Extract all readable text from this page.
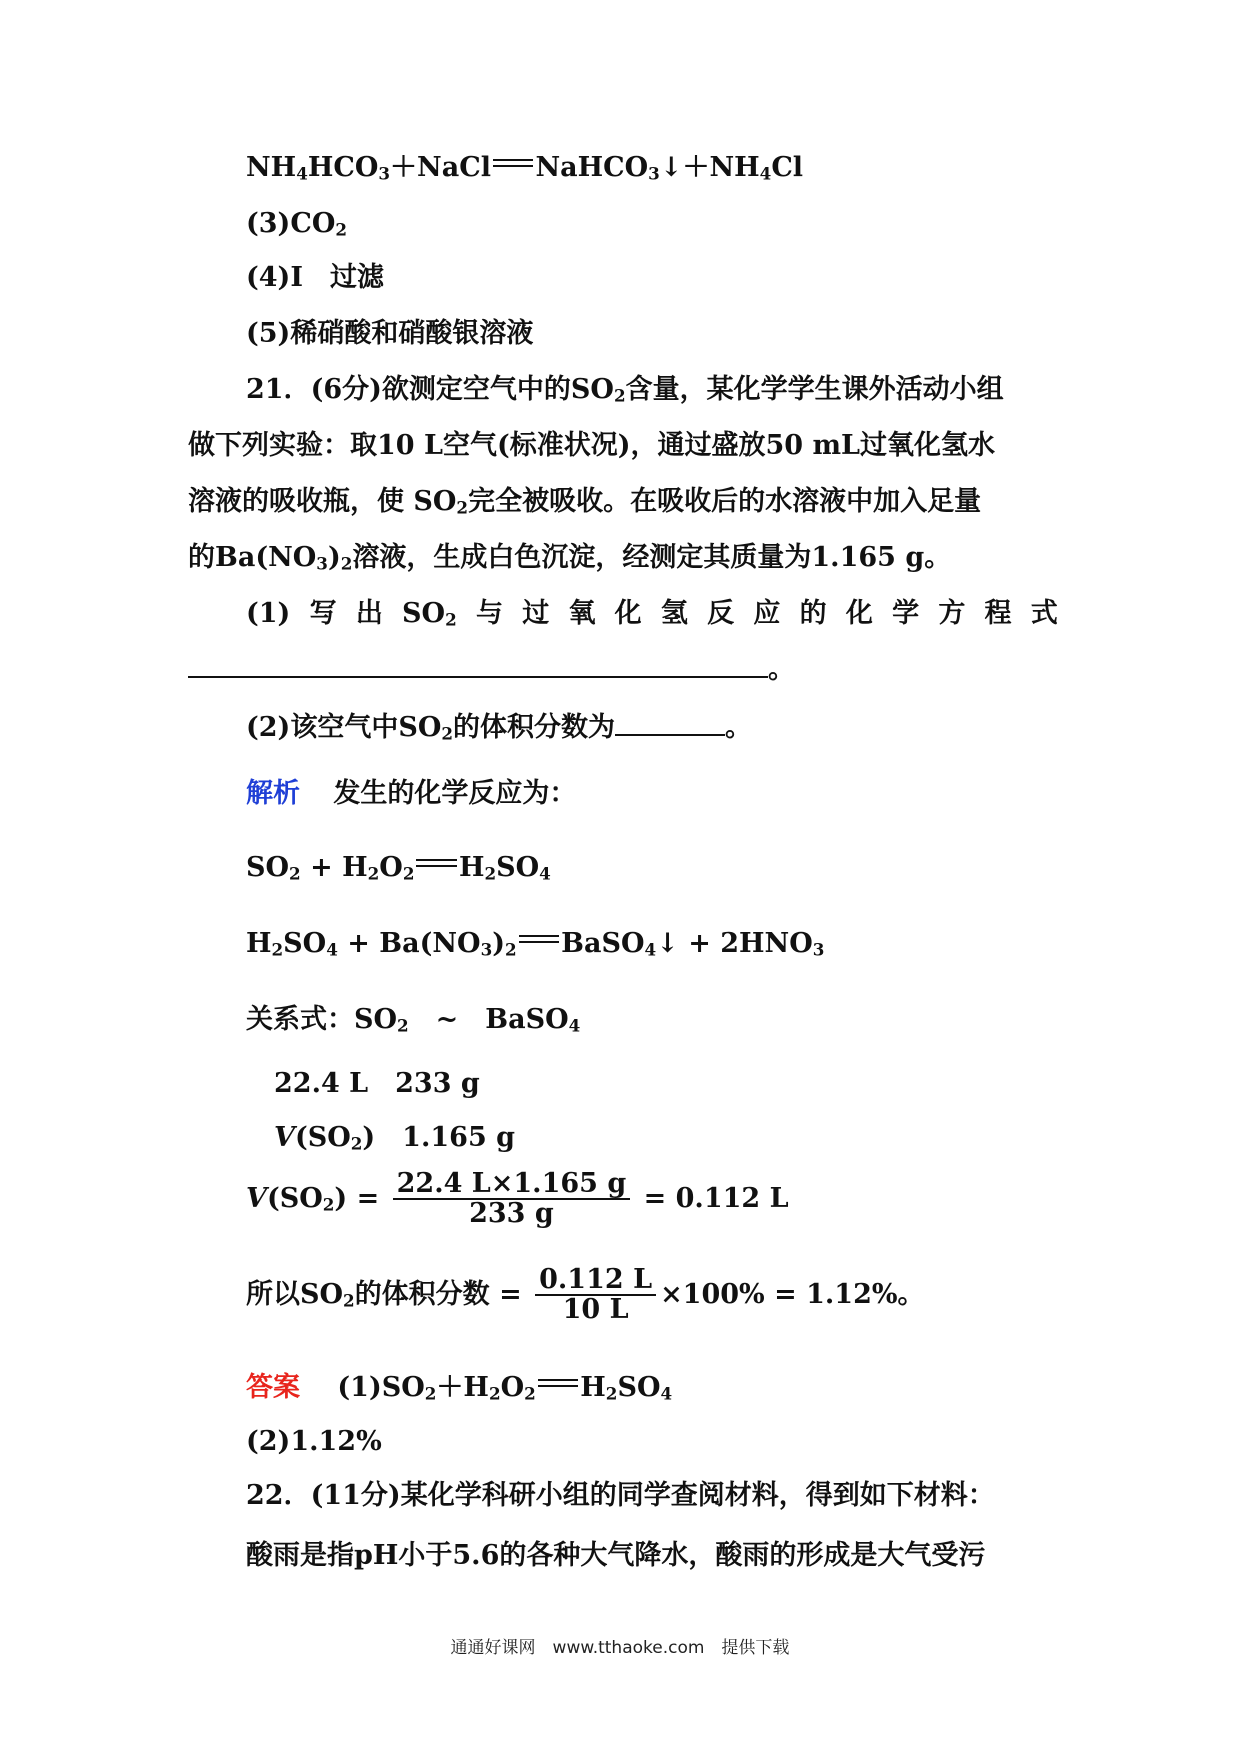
$NH_4HCO_3+NaCl$ $NaHCO_3↓+NH_4Cl$
$(3)CO_2$
(4)I　过滤
(5)稀硝酸和硝酸银溶液
21．(6分)欲测定空气中的$SO_2$含量，某化学学生课外活动小组
做下列实验：取10 L空气(标准状况)，通过盛放50 mL过氧化氢水
溶液的吸收瓶，使 $SO_2$完全被吸收。在吸收后的水溶液中加入足量
的$Ba(NO_3)_2$溶液，生成白色沉淀，经测定其质量为1.165 g。
(1) 写 出 $SO_2$ 与 过 氧 化 氢 反 应 的 化 学 方 程 式
。
(2)该空气中$SO_2$的体积分数为	。
解析 发生的化学反应为：
$SO_2 + H_2O_2$ $H_2SO_4$
$H_2SO_4 + Ba(NO_3)_2$ BaSO$_4$↓ + $2HNO_3$
关系式：$SO_2$　~　BaSO$_4$
22.4 L　233 g
$V(SO_2)$　1.165 g
$V(SO_2) = \frac{22.4 L\times 1.165 g}{233 g} = 0.112$ L
所以$SO_2$的体积分数 = $\frac{0.112 L}{10 L} \times 100\% = 1.12\%$。
答案 $(1)SO_2+H_2O_2$ $H_2SO_4$
(2)1.12%
22．(11分)某化学科研小组的同学查阅材料，得到如下材料：
酸雨是指pH小于5.6的各种大气降水，酸雨的形成是大气受污
通通好课网　www.tthaoke.com　提供下载
